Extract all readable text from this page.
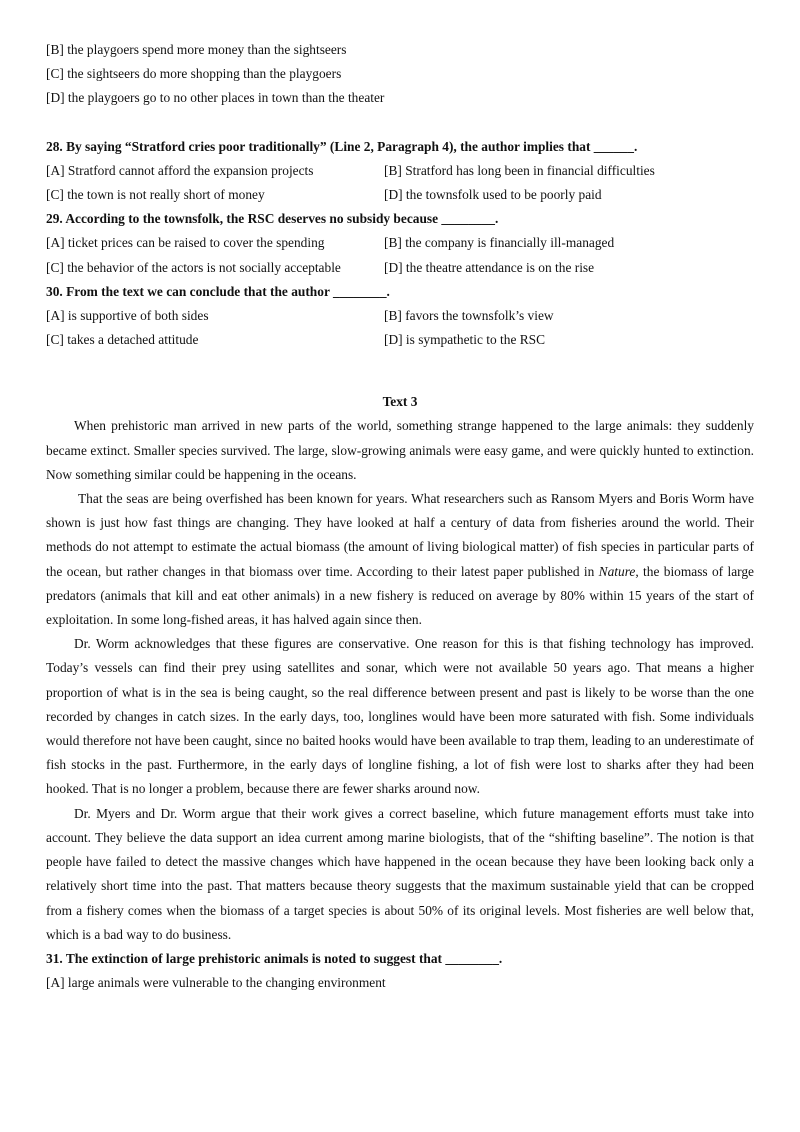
[B] the playgoers spend more money than the sightseers
[C] the sightseers do more shopping than the playgoers
[D] the playgoers go to no other places in town than the theater
28. By saying “Stratford cries poor traditionally” (Line 2, Paragraph 4), the author implies that ______.
[A] Stratford cannot afford the expansion projects	[B] Stratford has long been in financial difficulties
[C] the town is not really short of money	[D] the townsfolk used to be poorly paid
29. According to the townsfolk, the RSC deserves no subsidy because ________.
[A] ticket prices can be raised to cover the spending	[B] the company is financially ill-managed
[C] the behavior of the actors is not socially acceptable	[D] the theatre attendance is on the rise
30. From the text we can conclude that the author ________.
[A] is supportive of both sides	[B] favors the townsfolk’s view
[C] takes a detached attitude	[D] is sympathetic to the RSC
Text 3

When prehistoric man arrived in new parts of the world, something strange happened to the large animals: they suddenly became extinct. Smaller species survived. The large, slow-growing animals were easy game, and were quickly hunted to extinction. Now something similar could be happening in the oceans.

That the seas are being overfished has been known for years. What researchers such as Ransom Myers and Boris Worm have shown is just how fast things are changing. They have looked at half a century of data from fisheries around the world. Their methods do not attempt to estimate the actual biomass (the amount of living biological matter) of fish species in particular parts of the ocean, but rather changes in that biomass over time. According to their latest paper published in Nature, the biomass of large predators (animals that kill and eat other animals) in a new fishery is reduced on average by 80% within 15 years of the start of exploitation. In some long-fished areas, it has halved again since then.

Dr. Worm acknowledges that these figures are conservative. One reason for this is that fishing technology has improved. Today’s vessels can find their prey using satellites and sonar, which were not available 50 years ago. That means a higher proportion of what is in the sea is being caught, so the real difference between present and past is likely to be worse than the one recorded by changes in catch sizes. In the early days, too, longlines would have been more saturated with fish. Some individuals would therefore not have been caught, since no baited hooks would have been available to trap them, leading to an underestimate of fish stocks in the past. Furthermore, in the early days of longline fishing, a lot of fish were lost to sharks after they had been hooked. That is no longer a problem, because there are fewer sharks around now.

Dr. Myers and Dr. Worm argue that their work gives a correct baseline, which future management efforts must take into account. They believe the data support an idea current among marine biologists, that of the “shifting baseline”. The notion is that people have failed to detect the massive changes which have happened in the ocean because they have been looking back only a relatively short time into the past. That matters because theory suggests that the maximum sustainable yield that can be cropped from a fishery comes when the biomass of a target species is about 50% of its original levels. Most fisheries are well below that, which is a bad way to do business.

31. The extinction of large prehistoric animals is noted to suggest that ________.
[A] large animals were vulnerable to the changing environment
